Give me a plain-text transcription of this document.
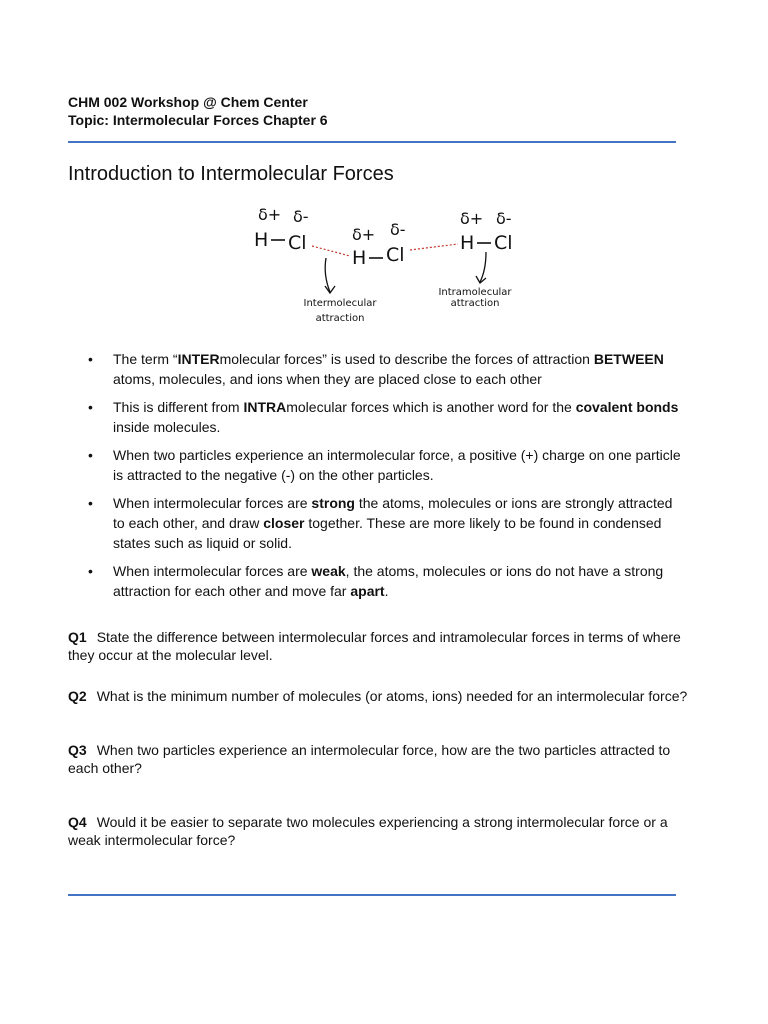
CHM 002 Workshop @ Chem Center
Topic: Intermolecular Forces Chapter 6
Introduction to Intermolecular Forces
δ+ δ-
H Cl	δ+ δ-
H Cl
δ+ δ-
H Cl
Intermolecular
attraction
Intramolecular
attraction
• The term “INTERmolecular forces” is used to describe the forces of attraction BETWEEN atoms, molecules, and ions when they are placed close to each other
• This is different from INTRAmolecular forces which is another word for the covalent bonds inside molecules.
• When two particles experience an intermolecular force, a positive (+) charge on one particle is attracted to the negative (-) on the other particles.
• When intermolecular forces are strong the atoms, molecules or ions are strongly attracted to each other, and draw closer together. These are more likely to be found in condensed states such as liquid or solid.
• When intermolecular forces are weak, the atoms, molecules or ions do not have a strong attraction for each other and move far apart.
Q1 State the difference between intermolecular forces and intramolecular forces in terms of where they occur at the molecular level.
Q2 What is the minimum number of molecules (or atoms, ions) needed for an intermolecular force?
Q3 When two particles experience an intermolecular force, how are the two particles attracted to each other?
Q4 Would it be easier to separate two molecules experiencing a strong intermolecular force or a weak intermolecular force?
